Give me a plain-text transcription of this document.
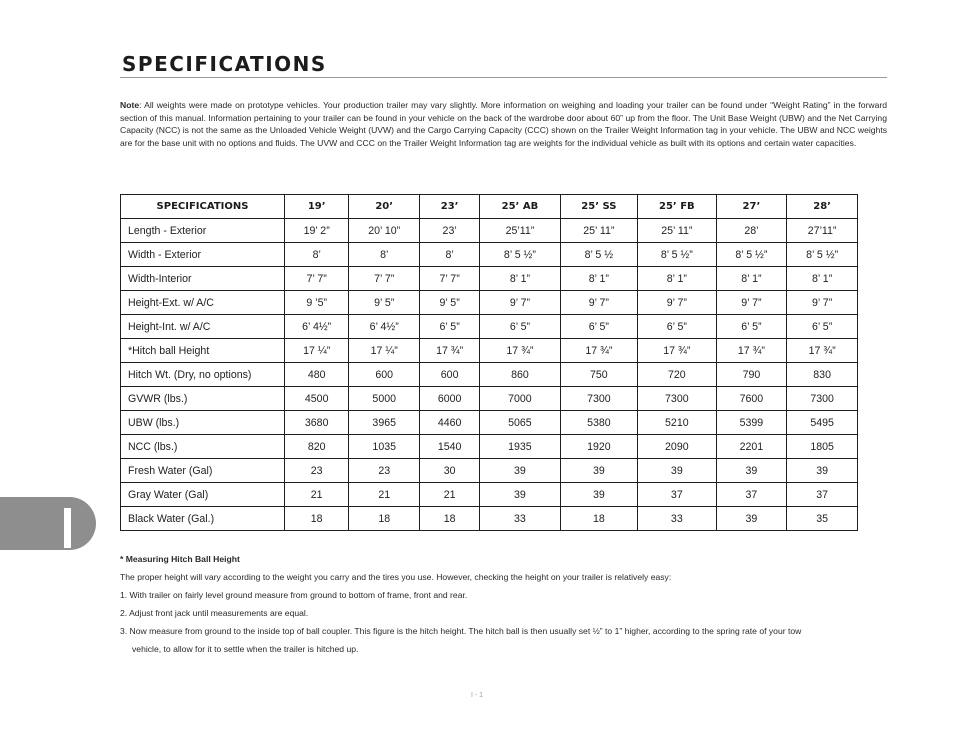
SPECIFICATIONS

Note: All weights were made on prototype vehicles. Your production trailer may vary slightly. More information on weighing and loading your trailer can be found under “Weight Rating” in the forward section of this manual. Information pertaining to your trailer can be found in your vehicle on the back of the wardrobe door about 60” up from the floor. The Unit Base Weight (UBW) and the Net Carrying Capacity (NCC) is not the same as the Unloaded Vehicle Weight (UVW) and the Cargo Carrying Capacity (CCC) shown on the Trailer Weight Information tag in your vehicle. The UBW and NCC weights are for the base unit with no options and fluids. The UVW and CCC on the Trailer Weight Information tag are weights for the individual vehicle as built with its options and certain water capacities.

SPECIFICATIONS	19’	20’	23’	25’ AB	25’ SS	25’ FB	27’	28’
Length - Exterior	19’ 2”	20’ 10”	23’	25’11”	25’ 11”	25’ 11”	28’	27’11”
Width - Exterior	8’	8’	8’	8’ 5 ½”	8’ 5 ½	8’ 5 ½”	8’ 5 ½”	8’ 5 ½”
Width-Interior	7’ 7”	7’ 7”	7’ 7”	8’ 1”	8’ 1”	8’ 1”	8’ 1”	8’ 1”
Height-Ext. w/ A/C	9 ’5”	9’ 5”	9’ 5”	9’ 7”	9’ 7”	9’ 7”	9’ 7”	9’ 7”
Height-Int. w/ A/C	6’ 4½”	6’ 4½”	6’ 5”	6’ 5”	6’ 5”	6’ 5”	6’ 5”	6’ 5”
*Hitch ball Height	17 ¼”	17 ¼”	17 ¾”	17 ¾”	17 ¾”	17 ¾”	17 ¾”	17 ¾”
Hitch Wt. (Dry, no options)	480	600	600	860	750	720	790	830
GVWR (lbs.)	4500	5000	6000	7000	7300	7300	7600	7300
UBW (lbs.)	3680	3965	4460	5065	5380	5210	5399	5495
NCC (lbs.)	820	1035	1540	1935	1920	2090	2201	1805
Fresh Water (Gal)	23	23	30	39	39	39	39	39
Gray Water (Gal)	21	21	21	39	39	37	37	37
Black Water (Gal.)	18	18	18	33	18	33	39	35

* Measuring Hitch Ball Height

The proper height will vary according to the weight you carry and the tires you use. However, checking the height on your trailer is relatively easy:

1. With trailer on fairly level ground measure from ground to bottom of frame, front and rear.

2. Adjust front jack until measurements are equal.

3. Now measure from ground to the inside top of ball coupler. This figure is the hitch height. The hitch ball is then usually set ½” to 1” higher, according to the spring rate of your tow

vehicle, to allow for it to settle when the trailer is hitched up.

I - 1
